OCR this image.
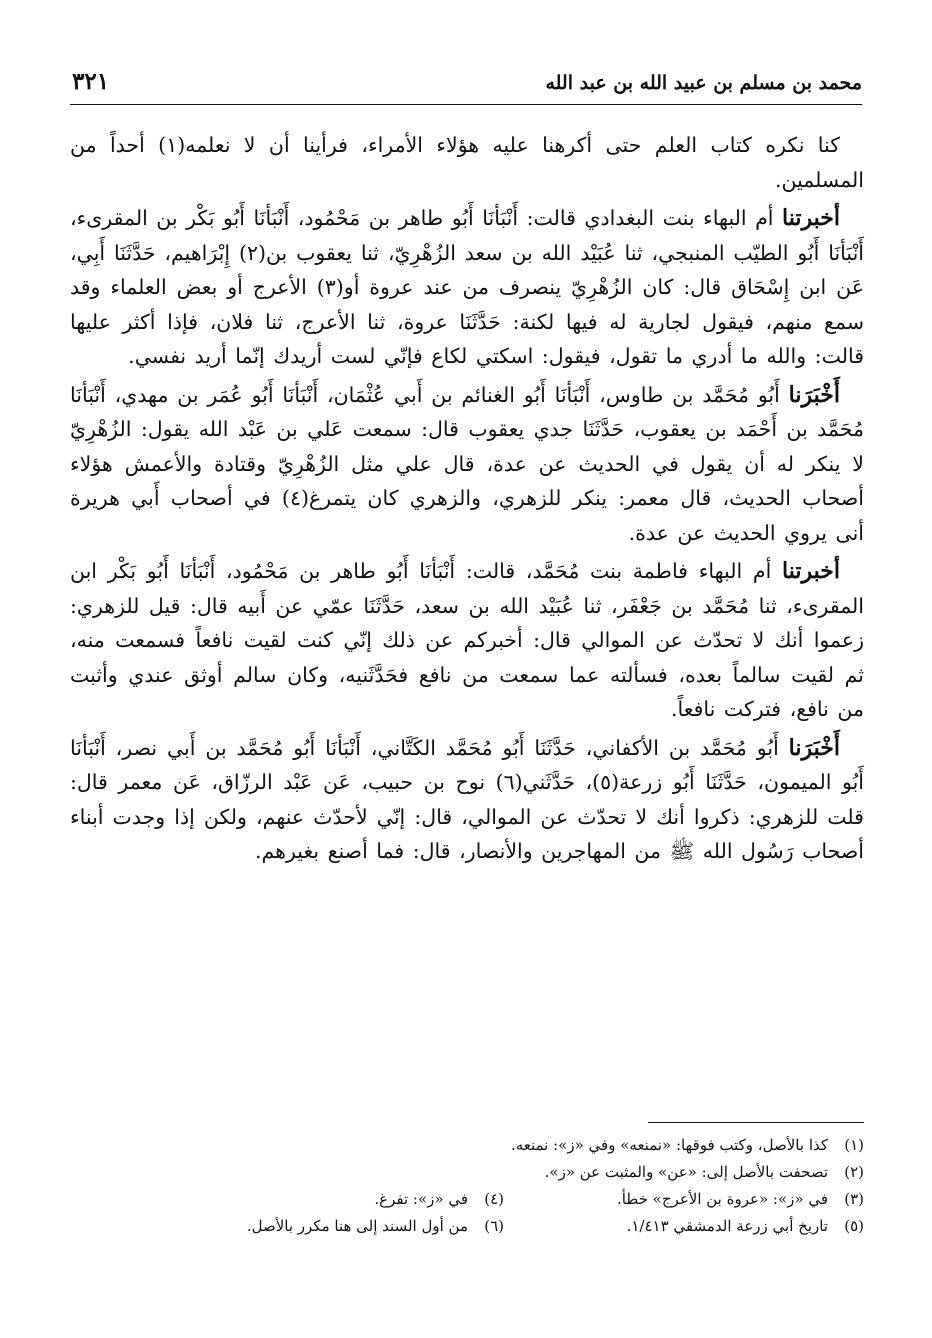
محمد بن مسلم بن عبيد الله بن عبد الله
٣٢١

كنا نكره كتاب العلم حتى أكرهنا عليه هؤلاء الأمراء، فرأينا أن لا نعلمه(١) أحداً من المسلمين.

أخبرتنا أم البهاء بنت البغدادي قالت: أَنْبَأنَا أَبُو طاهر بن مَحْمُود، أَنْبَأنَا أَبُو بَكْر بن المقرىء، أَنْبَأنَا أَبُو الطيّب المنبجي، ثنا عُبَيْد الله بن سعد الزُهْرِيّ، ثنا يعقوب بن(٢) إِبْرَاهيم، حَدَّثَنَا أَبِي، عَن ابن إِسْحَاق قال: كان الزُهْرِيّ ينصرف من عند عروة أو(٣) الأعرج أو بعض العلماء وقد سمع منهم، فيقول لجارية له فيها لكنة: حَدَّثَنَا عروة، ثنا الأعرج، ثنا فلان، فإذا أكثر عليها قالت: والله ما أدري ما تقول، فيقول: اسكتي لكاع فإنّي لست أريدك إنّما أريد نفسي.

أَخْبَرَنا أَبُو مُحَمَّد بن طاوس، أَنْبَأنَا أَبُو الغنائم بن أَبي عُثْمَان، أَنْبَأنَا أَبُو عُمَر بن مهدي، أَنْبَأنَا مُحَمَّد بن أَحْمَد بن يعقوب، حَدَّثَنَا جدي يعقوب قال: سمعت عَلي بن عَبْد الله يقول: الزُهْرِيّ لا ينكر له أن يقول في الحديث عن عدة، قال علي مثل الزُهْرِيّ وقتادة والأعمش هؤلاء أصحاب الحديث، قال معمر: ينكر للزهري، والزهري كان يتمرغ(٤) في أصحاب أَبي هريرة أنى يروي الحديث عن عدة.

أخبرتنا أم البهاء فاطمة بنت مُحَمَّد، قالت: أَنْبَأنَا أَبُو طاهر بن مَحْمُود، أَنْبَأنَا أَبُو بَكْر ابن المقرىء، ثنا مُحَمَّد بن جَعْفَر، ثنا عُبَيْد الله بن سعد، حَدَّثَنَا عمّي عن أَبيه قال: قيل للزهري: زعموا أنك لا تحدّث عن الموالي قال: أخبركم عن ذلك إنّي كنت لقيت نافعاً فسمعت منه، ثم لقيت سالماً بعده، فسألته عما سمعت من نافع فحَدَّثَنيه، وكان سالم أوثق عندي وأثبت من نافع، فتركت نافعاً.

أَخْبَرَنا أَبُو مُحَمَّد بن الأكفاني، حَدَّثَنَا أَبُو مُحَمَّد الكَتَّاني، أَنْبَأنَا أَبُو مُحَمَّد بن أَبي نصر، أَنْبَأنَا أَبُو الميمون، حَدَّثَنَا أَبُو زرعة(٥)، حَدَّثَني(٦) نوح بن حبيب، عَن عَبْد الرزّاق، عَن معمر قال: قلت للزهري: ذكروا أنك لا تحدّث عن الموالي، قال: إنّي لأحدّث عنهم، ولكن إذا وجدت أبناء أصحاب رَسُول الله ﷺ من المهاجرين والأنصار، قال: فما أصنع بغيرهم.

(١)كذا بالأصل، وكتب فوقها: «نمنعه» وفي «ز»: نمنعه.
(٢)تصحفت بالأصل إلى: «عن» والمثبت عن «ز».
(٣)في «ز»: «عروة بن الأعرج» خطأ.
(٤)في «ز»: تفرغ.
(٥)تاريخ أبي زرعة الدمشقي ١/٤١٣.
(٦)من أول السند إلى هنا مكرر بالأصل.
